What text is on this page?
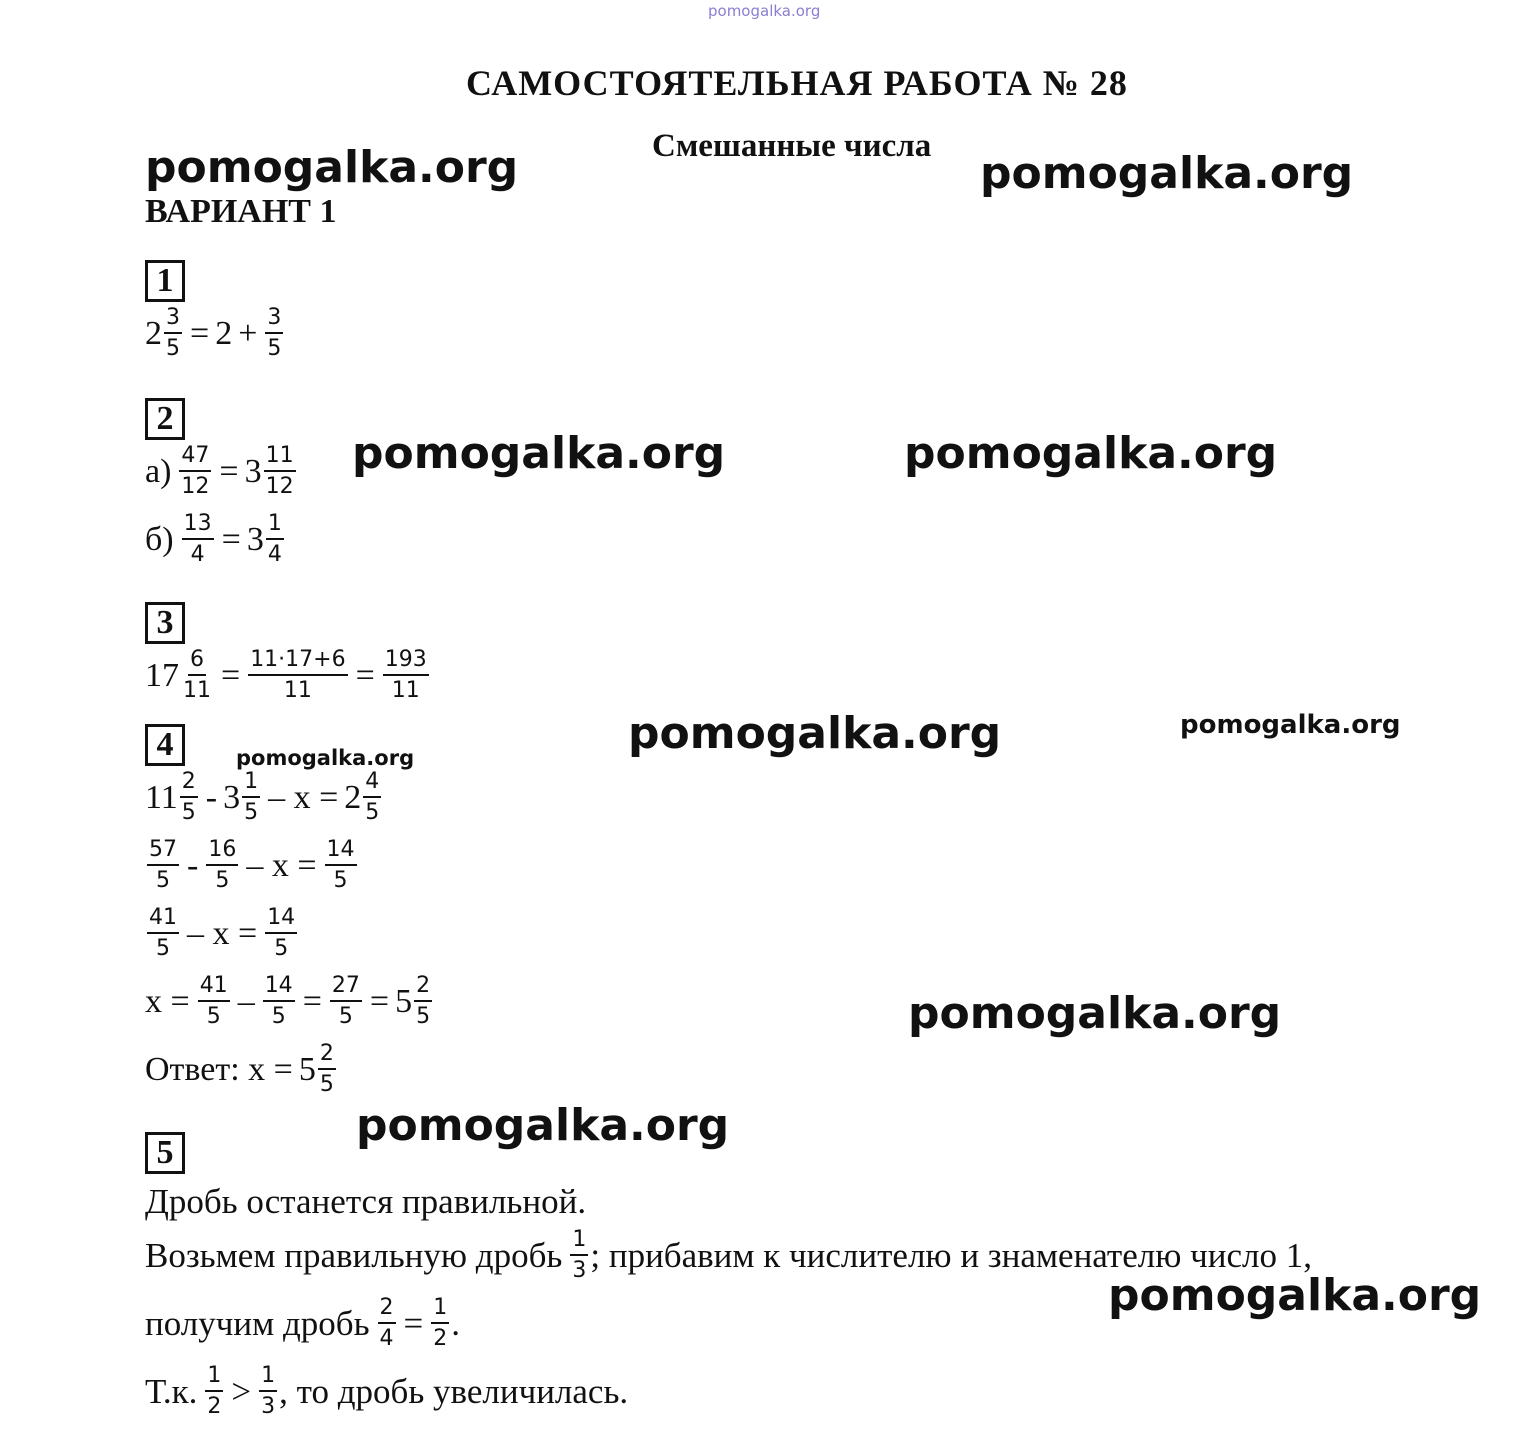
pomogalka.org
pomogalka.org	pomogalka.org
pomogalka.org	pomogalka.org
pomogalka.org	pomogalka.org
pomogalka.org
pomogalka.org
pomogalka.org
pomogalka.org
САМОСТОЯТЕЛЬНАЯ РАБОТА № 28
Смешанные числа
ВАРИАНТ 1
1
$2 \frac{3}{5} = 2 + \frac{3}{5}$
2
$а) \frac{47}{12} = 3 \frac{11}{12}$
$б) \frac{13}{4} = 3 \frac{1}{4}$
3
$17 \frac{6}{11} = \frac{11\cdot 17+6}{11} = \frac{193}{11}$
4
$11 \frac{2}{5} - 3 \frac{1}{5} - x = 2 \frac{4}{5}$
$\frac{57}{5} - \frac{16}{5} - x = \frac{14}{5}$
$\frac{41}{5} - x = \frac{14}{5}$
$x = \frac{41}{5} - \frac{14}{5} = \frac{27}{5} = 5 \frac{2}{5}$
Ответ: $x = 5 \frac{2}{5}$
5
Дробь останется правильной.
Возьмем правильную дробь $\frac{1}{3}$ ; прибавим к числителю и знаменателю число 1,
получим дробь $\frac{2}{4} = \frac{1}{2}$ .
Т.к. $\frac{1}{2} > \frac{1}{3}$ , то дробь увеличилась.
